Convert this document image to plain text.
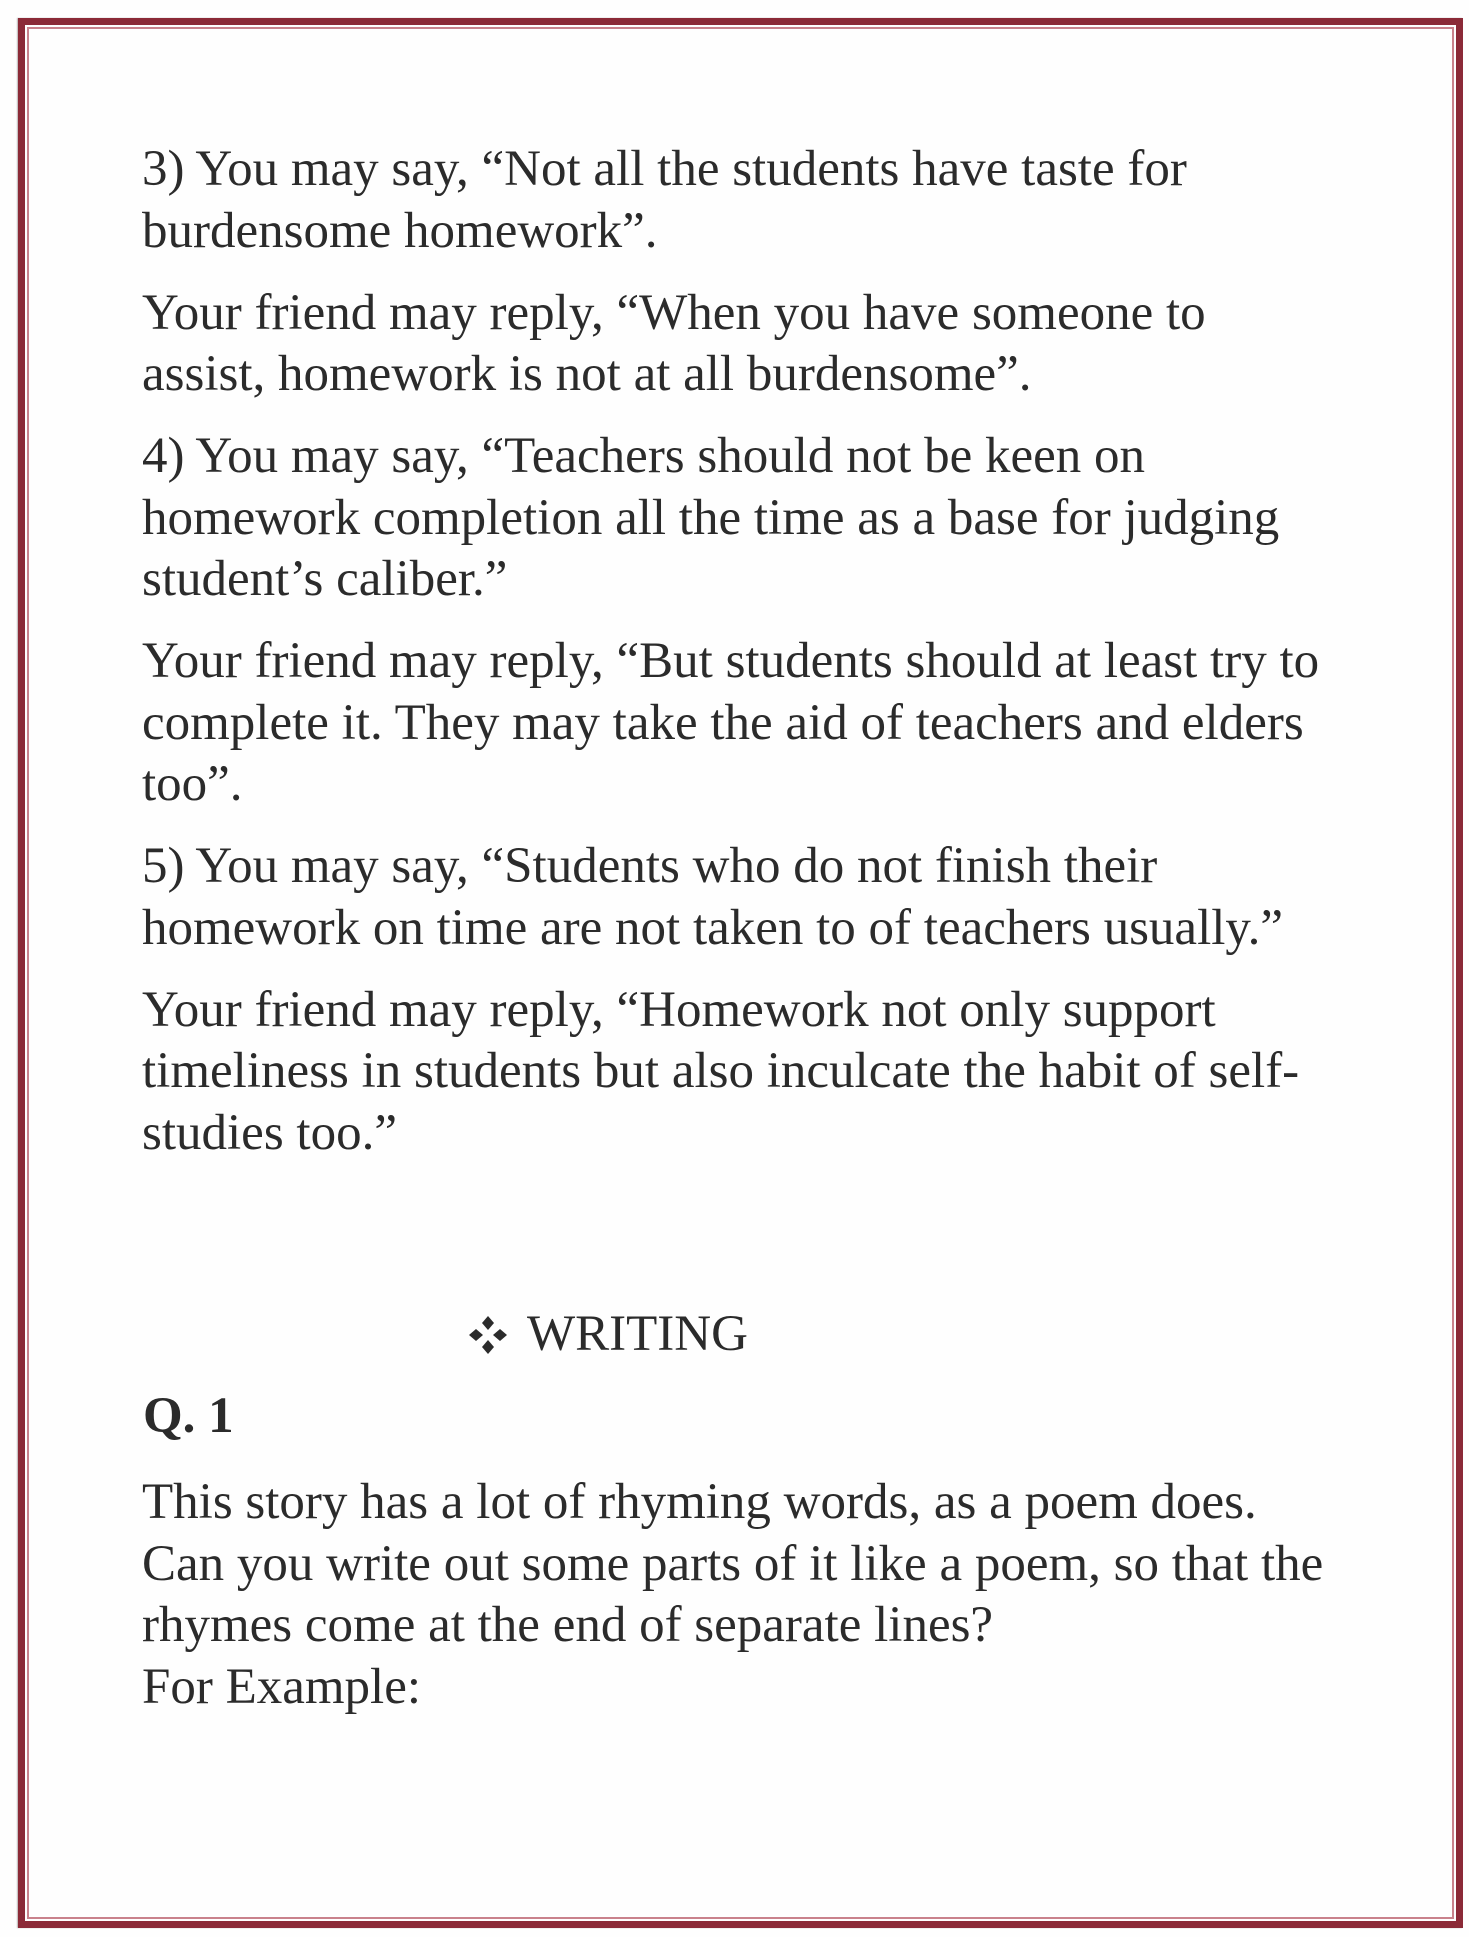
3) You may say, “Not all the students have taste for
burdensome homework”.

Your friend may reply, “When you have someone to
assist, homework is not at all burdensome”.

4) You may say, “Teachers should not be keen on
homework completion all the time as a base for judging
student’s caliber.”

Your friend may reply, “But students should at least try to
complete it. They may take the aid of teachers and elders
too”.

5) You may say, “Students who do not finish their
homework on time are not taken to of teachers usually.”

Your friend may reply, “Homework not only support
timeliness in students but also inculcate the habit of self-
studies too.”

WRITING
Q. 1
This story has a lot of rhyming words, as a poem does.
Can you write out some parts of it like a poem, so that the
rhymes come at the end of separate lines?
For Example:
